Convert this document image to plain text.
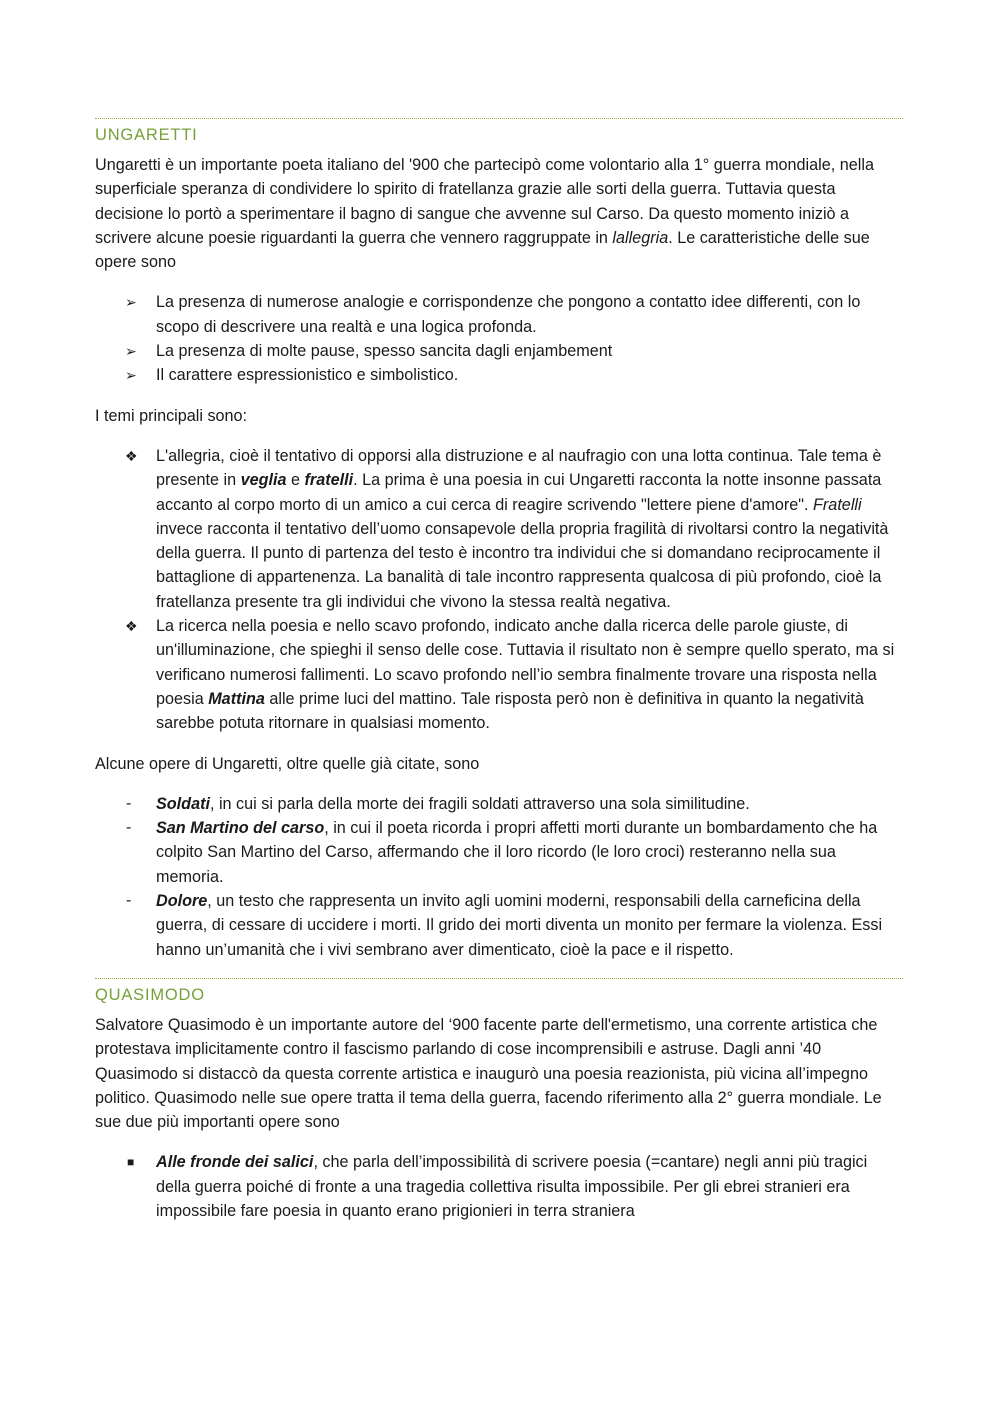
UNGARETTI

Ungaretti è un importante poeta italiano del '900 che partecipò come volontario alla 1° guerra mondiale, nella superficiale speranza di condividere lo spirito di fratellanza grazie alle sorti della guerra. Tuttavia questa decisione lo portò a sperimentare il bagno di sangue che avvenne sul Carso. Da questo momento iniziò a scrivere alcune poesie riguardanti la guerra che vennero raggruppate in lallegria. Le caratteristiche delle sue opere sono

➢	La presenza di numerose analogie e corrispondenze che pongono a contatto idee differenti, con lo scopo di descrivere una realtà e una logica profonda.
➢	La presenza di molte pause, spesso sancita dagli enjambement
➢	Il carattere espressionistico e simbolistico.

I temi principali sono:

❖	L'allegria, cioè il tentativo di opporsi alla distruzione e al naufragio con una lotta continua. Tale tema è presente in veglia e fratelli. La prima è una poesia in cui Ungaretti racconta la notte insonne passata accanto al corpo morto di un amico a cui cerca di reagire scrivendo "lettere piene d'amore". Fratelli invece racconta il tentativo dell’uomo consapevole della propria fragilità di rivoltarsi contro la negatività della guerra. Il punto di partenza del testo è incontro tra individui che si domandano reciprocamente il battaglione di appartenenza. La banalità di tale incontro rappresenta qualcosa di più profondo, cioè la fratellanza presente tra gli individui che vivono la stessa realtà negativa.
❖	La ricerca nella poesia e nello scavo profondo, indicato anche dalla ricerca delle parole giuste, di un'illuminazione, che spieghi il senso delle cose. Tuttavia il risultato non è sempre quello sperato, ma si verificano numerosi fallimenti. Lo scavo profondo nell’io sembra finalmente trovare una risposta nella poesia Mattina alle prime luci del mattino. Tale risposta però non è definitiva in quanto la negatività sarebbe potuta ritornare in qualsiasi momento.

Alcune opere di Ungaretti, oltre quelle già citate, sono

-	Soldati, in cui si parla della morte dei fragili soldati attraverso una sola similitudine.
-	San Martino del carso, in cui il poeta ricorda i propri affetti morti durante un bombardamento che ha colpito San Martino del Carso, affermando che il loro ricordo (le loro croci) resteranno nella sua memoria.
-	Dolore, un testo che rappresenta un invito agli uomini moderni, responsabili della carneficina della guerra, di cessare di uccidere i morti. Il grido dei morti diventa un monito per fermare la violenza. Essi hanno un’umanità che i vivi sembrano aver dimenticato, cioè la pace e il rispetto.
QUASIMODO

Salvatore Quasimodo è un importante autore del ‘900 facente parte dell'ermetismo, una corrente artistica che protestava implicitamente contro il fascismo parlando di cose incomprensibili e astruse. Dagli anni ’40 Quasimodo si distaccò da questa corrente artistica e inaugurò una poesia reazionista, più vicina all’impegno politico. Quasimodo nelle sue opere tratta il tema della guerra, facendo riferimento alla 2° guerra mondiale. Le sue due più importanti opere sono

■	Alle fronde dei salici, che parla dell’impossibilità di scrivere poesia (=cantare) negli anni più tragici della guerra poiché di fronte a una tragedia collettiva risulta impossibile. Per gli ebrei stranieri era impossibile fare poesia in quanto erano prigionieri in terra straniera
